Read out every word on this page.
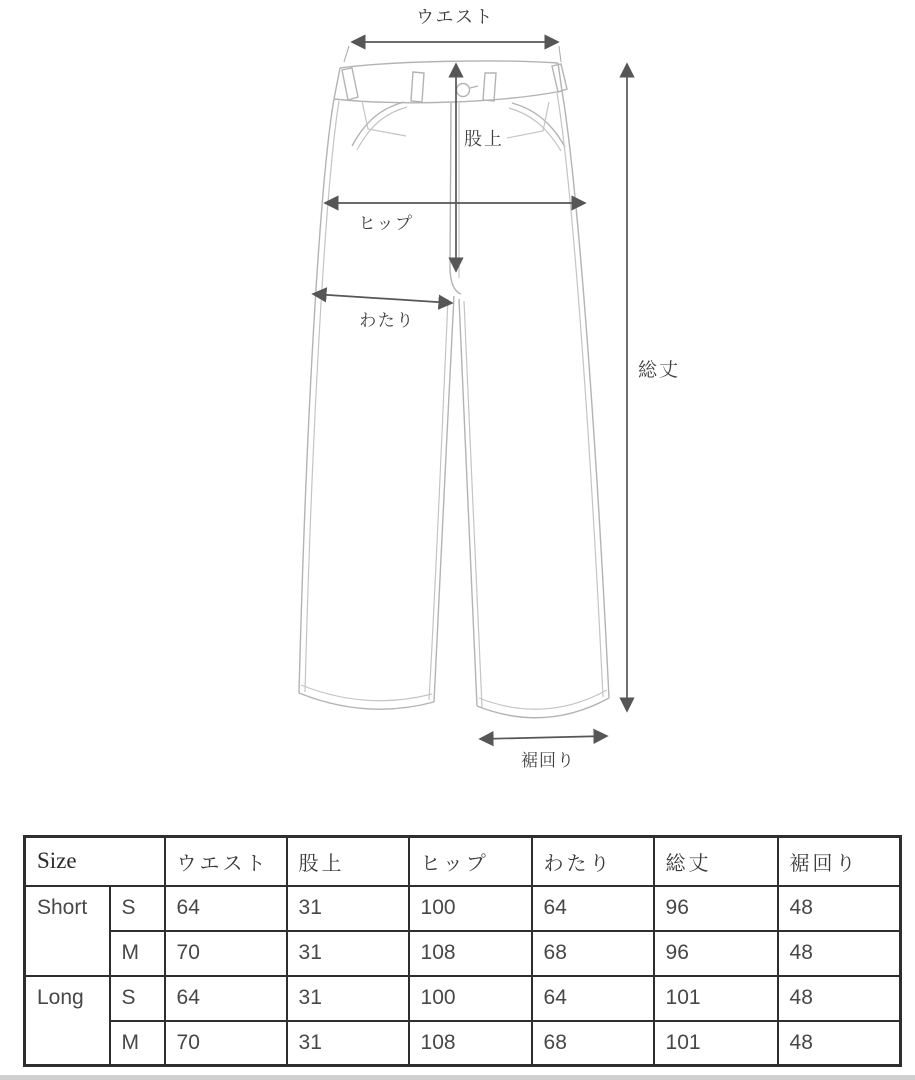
ウエスト
股上
ヒップ
わたり
総丈
裾回り
Size		ウエスト	股上	ヒップ	わたり	総丈	裾回り
Short	S	64	31	100	64	96	48
	M	70	31	108	68	96	48
Long	S	64	31	100	64	101	48
	M	70	31	108	68	101	48
